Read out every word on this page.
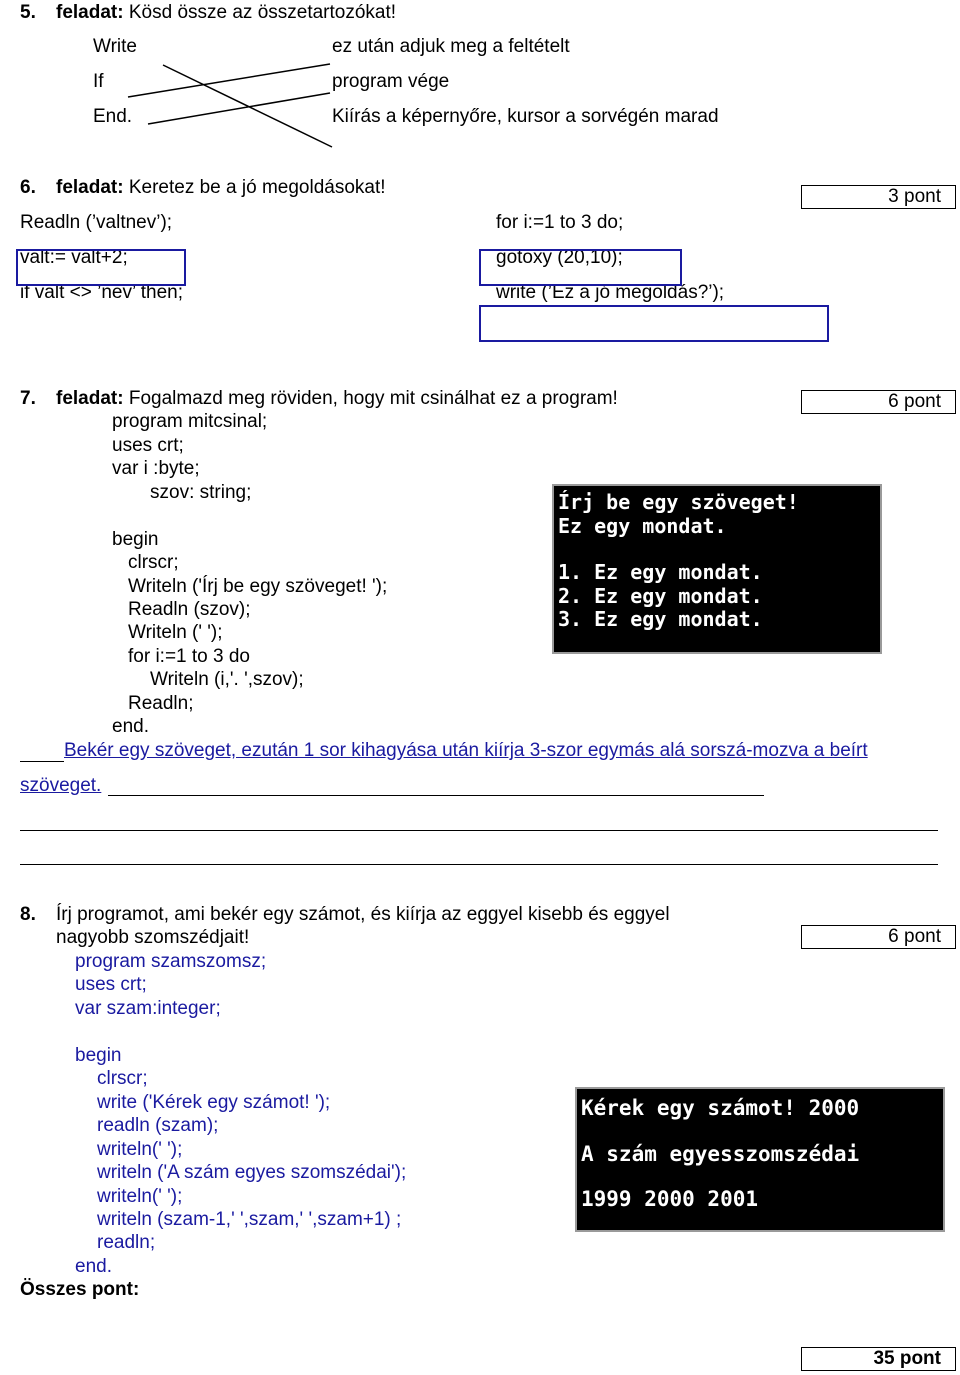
5. feladat: Kösd össze az összetartozókat!
Write
If
End.
ez után adjuk meg a feltételt
program vége
Kiírás a képernyőre, kursor a sorvégén marad
6. feladat: Keretez be a jó megoldásokat!	3 pont
Readln (’valtnev’);
valt:= valt+2;
if valt <> ’nev’ then;
for i:=1 to 3 do;
gotoxy (20,10);
write (’Ez a jó megoldás?’);
7. feladat: Fogalmazd meg röviden, hogy mit csinálhat ez a program!	6 pont
program mitcsinal;
uses crt;
var i :byte;
szov: string;
begin
clrscr;
Writeln ('Írj be egy szöveget! ');
Readln (szov);
Writeln (' ');
for i:=1 to 3 do
Writeln (i,'. ',szov);
Readln;
end.
Írj be egy szöveget!
Ez egy mondat.
1. Ez egy mondat.
2. Ez egy mondat.
3. Ez egy mondat.
Bekér egy szöveget, ezután 1 sor kihagyása után kiírja 3-szor egymás alá sorszá-mozva a beírt
szöveget.
8. Írj programot, ami bekér egy számot, és kiírja az eggyel kisebb és eggyel
nagyobb szomszédjait!	6 pont
program szamszomsz;
uses crt;
var szam:integer;
begin
clrscr;
write ('Kérek egy számot! ');
readln (szam);
writeln(' ');
writeln ('A szám egyes szomszédai');
writeln(' ');
writeln (szam-1,' ',szam,' ',szam+1) ;
readln;
end.
Kérek egy számot! 2000
A szám egyesszomszédai
1999 2000 2001
Összes pont:
35 pont
